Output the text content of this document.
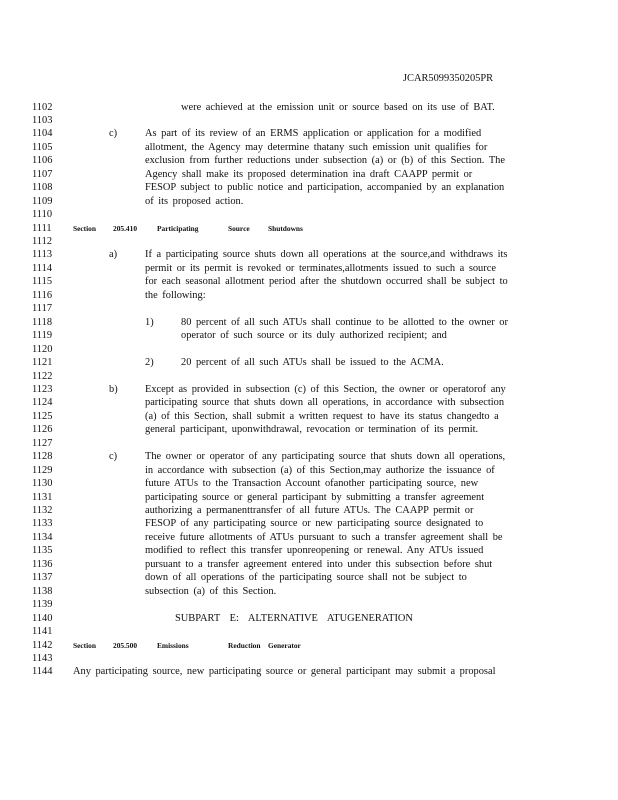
JCAR5099350205PR
1102	were achieved at the emission unit or source based on its use of BAT.
1103
1104	c)	As part of its review of an ERMS application or application for a modified
1105	allotment, the Agency may determine thatany such emission unit qualifies for
1106	exclusion from further reductions under subsection (a) or (b) of this Section. The
1107	Agency shall make its proposed determination ina draft CAAPP permit or
1108	FESOP subject to public notice and participation, accompanied by an explanation
1109	of its proposed action.
1110
1111	Section 205.410	Participating	Source Shutdowns
1112
1113	a)	If a participating source shuts down all operations at the source,and withdraws its
1114	permit or its permit is revoked or terminates,allotments issued to such a source
1115	for each seasonal allotment period after the shutdown occurred shall be subject to
1116	the following:
1117
1118	1)	80 percent of all such ATUs shall continue to be allotted to the owner or
1119	operator of such source or its duly authorized recipient; and
1120
1121	2)	20 percent of all such ATUs shall be issued to the ACMA.
1122
1123	b)	Except as provided in subsection (c) of this Section, the owner or operatorof any
1124	participating source that shuts down all operations, in accordance with subsection
1125	(a) of this Section, shall submit a written request to have its status changedto a
1126	general participant, uponwithdrawal, revocation or termination of its permit.
1127
1128	c)	The owner or operator of any participating source that shuts down all operations,
1129	in accordance with subsection (a) of this Section,may authorize the issuance of
1130	future ATUs to the Transaction Account ofanother participating source, new
1131	participating source or general participant by submitting a transfer agreement
1132	authorizing a permanenttransfer of all future ATUs. The CAAPP permit or
1133	FESOP of any participating source or new participating source designated to
1134	receive future allotments of ATUs pursuant to such a transfer agreement shall be
1135	modified to reflect this transfer uponreopening or renewal. Any ATUs issued
1136	pursuant to a transfer agreement entered into under this subsection before shut
1137	down of all operations of the participating source shall not be subject to
1138	subsection (a) of this Section.
1139
1140	SUBPART E: ALTERNATIVE ATUGENERATION
1141
1142	Section 205.500	Emissions	Reduction Generator
1143
1144 Any participating source, new participating source or general participant may submit a proposal
